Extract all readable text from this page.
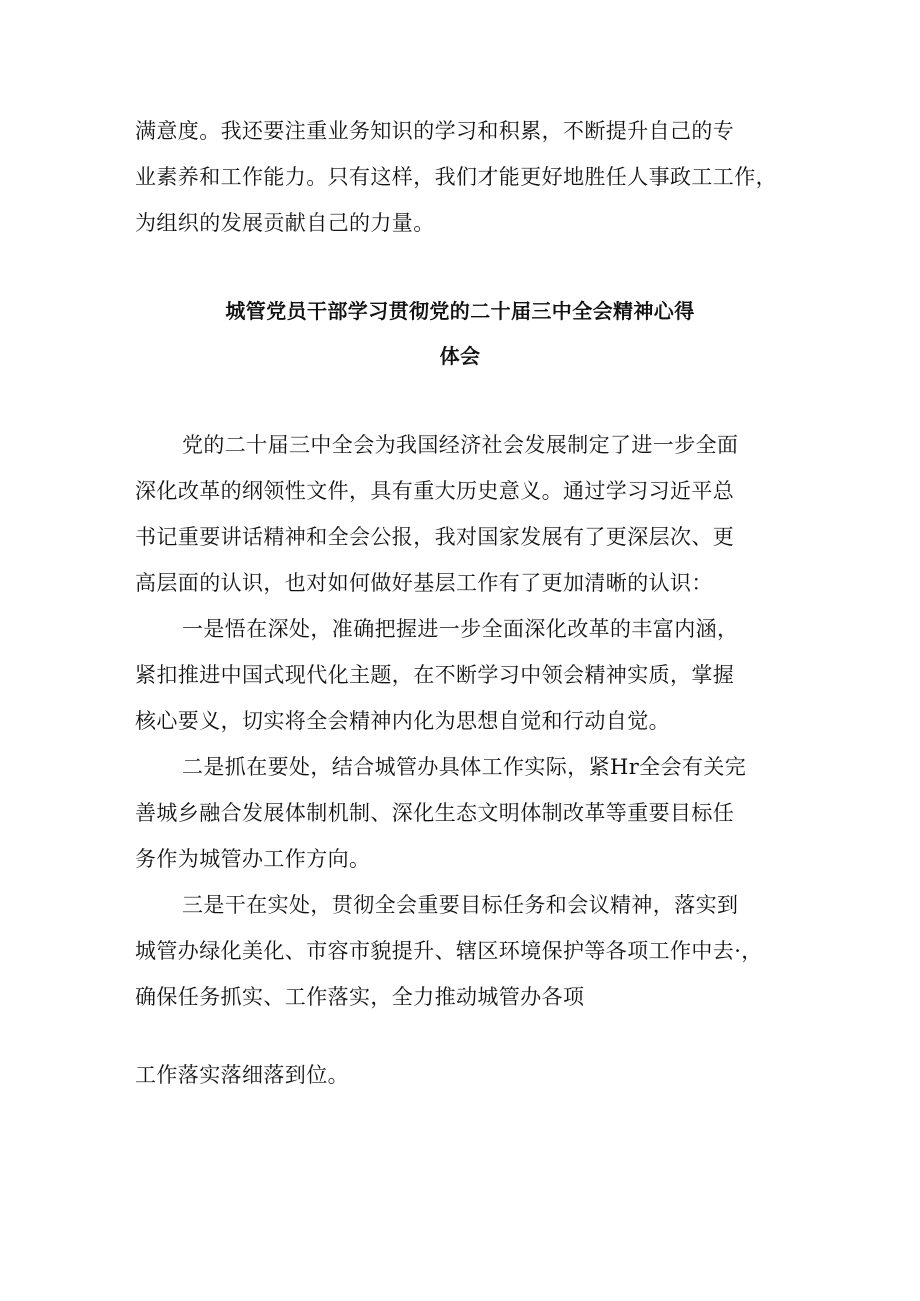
满意度。我还要注重业务知识的学习和积累，不断提升自己的专
业素养和工作能力。只有这样，我们才能更好地胜任人事政工工作，
为组织的发展贡献自己的力量。
城管党员干部学习贯彻党的二十届三中全会精神心得
体会
党的二十届三中全会为我国经济社会发展制定了进一步全面
深化改革的纲领性文件，具有重大历史意义。通过学习习近平总
书记重要讲话精神和全会公报，我对国家发展有了更深层次、更
高层面的认识，也对如何做好基层工作有了更加清晰的认识：
一是悟在深处，准确把握进一步全面深化改革的丰富内涵，
紧扣推进中国式现代化主题，在不断学习中领会精神实质，掌握
核心要义，切实将全会精神内化为思想自觉和行动自觉。
二是抓在要处，结合城管办具体工作实际，紧Hr全会有关完
善城乡融合发展体制机制、深化生态文明体制改革等重要目标任
务作为城管办工作方向。
三是干在实处，贯彻全会重要目标任务和会议精神，落实到
城管办绿化美化、市容市貌提升、辖区环境保护等各项工作中去·，
确保任务抓实、工作落实，全力推动城管办各项
工作落实落细落到位。
